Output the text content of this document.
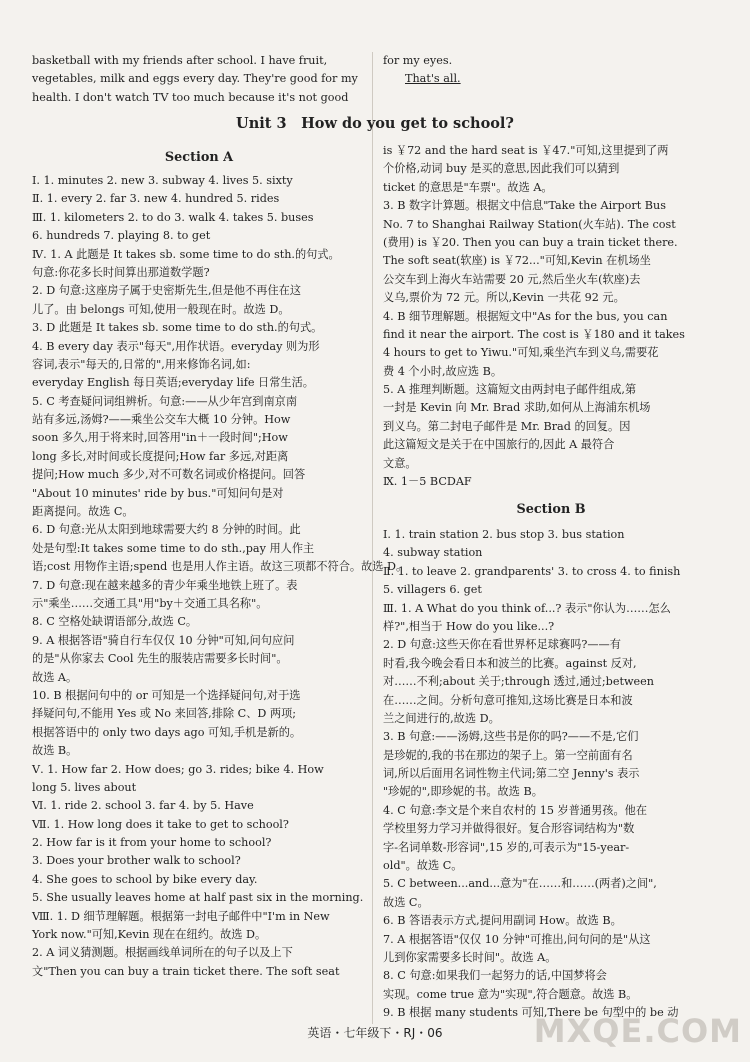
basketball with my friends after school. I have fruit,
vegetables, milk and eggs every day. They're good for my
health. I don't watch TV too much because it's not good
for my eyes.
That's all.
Unit 3　How do you get to school?
Section A
Ⅰ. 1. minutes 2. new 3. subway 4. lives 5. sixty
Ⅱ. 1. every 2. far 3. new 4. hundred 5. rides
Ⅲ. 1. kilometers 2. to do 3. walk 4. takes 5. buses
6. hundreds 7. playing 8. to get
Ⅳ. 1. A 此题是 It takes sb. some time to do sth.的句式。
句意:你花多长时间算出那道数学题?
2. D 句意:这座房子属于史密斯先生,但是他不再住在这
儿了。由 belongs 可知,使用一般现在时。故选 D。
3. D 此题是 It takes sb. some time to do sth.的句式。
4. B every day 表示"每天",用作状语。everyday 则为形
容词,表示"每天的,日常的",用来修饰名词,如:
everyday English 每日英语;everyday life 日常生活。
5. C 考查疑问词组辨析。句意:——从少年宫到南京南
站有多远,汤姆?——乘坐公交车大概 10 分钟。How
soon 多久,用于将来时,回答用"in＋一段时间";How
long 多长,对时间或长度提问;How far 多远,对距离
提问;How much 多少,对不可数名词或价格提问。回答
"About 10 minutes' ride by bus."可知问句是对
距离提问。故选 C。
6. D 句意:光从太阳到地球需要大约 8 分钟的时间。此
处是句型:It takes some time to do sth.,pay 用人作主
语;cost 用物作主语;spend 也是用人作主语。故这三项都不符合。故选 D。
7. D 句意:现在越来越多的青少年乘坐地铁上班了。表
示"乘坐……交通工具"用"by＋交通工具名称"。
8. C 空格处缺谓语部分,故选 C。
9. A 根据答语"骑自行车仅仅 10 分钟"可知,问句应问
的是"从你家去 Cool 先生的服装店需要多长时间"。
故选 A。
10. B 根据问句中的 or 可知是一个选择疑问句,对于选
择疑问句,不能用 Yes 或 No 来回答,排除 C、D 两项;
根据答语中的 only two days ago 可知,手机是新的。
故选 B。
Ⅴ. 1. How far 2. How does; go 3. rides; bike 4. How
long 5. lives about
Ⅵ. 1. ride 2. school 3. far 4. by 5. Have
Ⅶ. 1. How long does it take to get to school?
2. How far is it from your home to school?
3. Does your brother walk to school?
4. She goes to school by bike every day.
5. She usually leaves home at half past six in the morning.
Ⅷ. 1. D 细节理解题。根据第一封电子邮件中"I'm in New
York now."可知,Kevin 现在在纽约。故选 D。
2. A 词义猜测题。根据画线单词所在的句子以及上下
文"Then you can buy a train ticket there. The soft seat
is ￥72 and the hard seat is ￥47."可知,这里提到了两
个价格,动词 buy 是买的意思,因此我们可以猜到
ticket 的意思是"车票"。故选 A。
3. B 数字计算题。根据文中信息"Take the Airport Bus
No. 7 to Shanghai Railway Station(火车站). The cost
(费用) is ￥20. Then you can buy a train ticket there.
The soft seat(软座) is ￥72..."可知,Kevin 在机场坐
公交车到上海火车站需要 20 元,然后坐火车(软座)去
义乌,票价为 72 元。所以,Kevin 一共花 92 元。
4. B 细节理解题。根据短文中"As for the bus, you can
find it near the airport. The cost is ￥180 and it takes
4 hours to get to Yiwu."可知,乘坐汽车到义乌,需要花
费 4 个小时,故应选 B。
5. A 推理判断题。这篇短文由两封电子邮件组成,第
一封是 Kevin 向 Mr. Brad 求助,如何从上海浦东机场
到义乌。第二封电子邮件是 Mr. Brad 的回复。因
此这篇短文是关于在中国旅行的,因此 A 最符合
文意。
Ⅸ. 1－5 BCDAF
Section B
Ⅰ. 1. train station 2. bus stop 3. bus station
4. subway station
Ⅱ. 1. to leave 2. grandparents' 3. to cross 4. to finish
5. villagers 6. get
Ⅲ. 1. A What do you think of...? 表示"你认为……怎么
样?",相当于 How do you like...?
2. D 句意:这些天你在看世界杯足球赛吗?——有
时看,我今晚会看日本和波兰的比赛。against 反对,
对……不利;about 关于;through 透过,通过;between
在……之间。分析句意可推知,这场比赛是日本和波
兰之间进行的,故选 D。
3. B 句意:——汤姆,这些书是你的吗?——不是,它们
是珍妮的,我的书在那边的架子上。第一空前面有名
词,所以后面用名词性物主代词;第二空 Jenny's 表示
"珍妮的",即珍妮的书。故选 B。
4. C 句意:李文是个来自农村的 15 岁普通男孩。他在
学校里努力学习并做得很好。复合形容词结构为"数
字-名词单数-形容词",15 岁的,可表示为"15-year-
old"。故选 C。
5. C between...and...意为"在……和……(两者)之间",
故选 C。
6. B 答语表示方式,提问用副词 How。故选 B。
7. A 根据答语"仅仅 10 分钟"可推出,问句问的是"从这
儿到你家需要多长时间"。故选 A。
8. C 句意:如果我们一起努力的话,中国梦将会
实现。come true 意为"实现",符合题意。故选 B。
9. B 根据 many students 可知,There be 句型中的 be 动
英语・七年级下・RJ・06	MXQE.COM
